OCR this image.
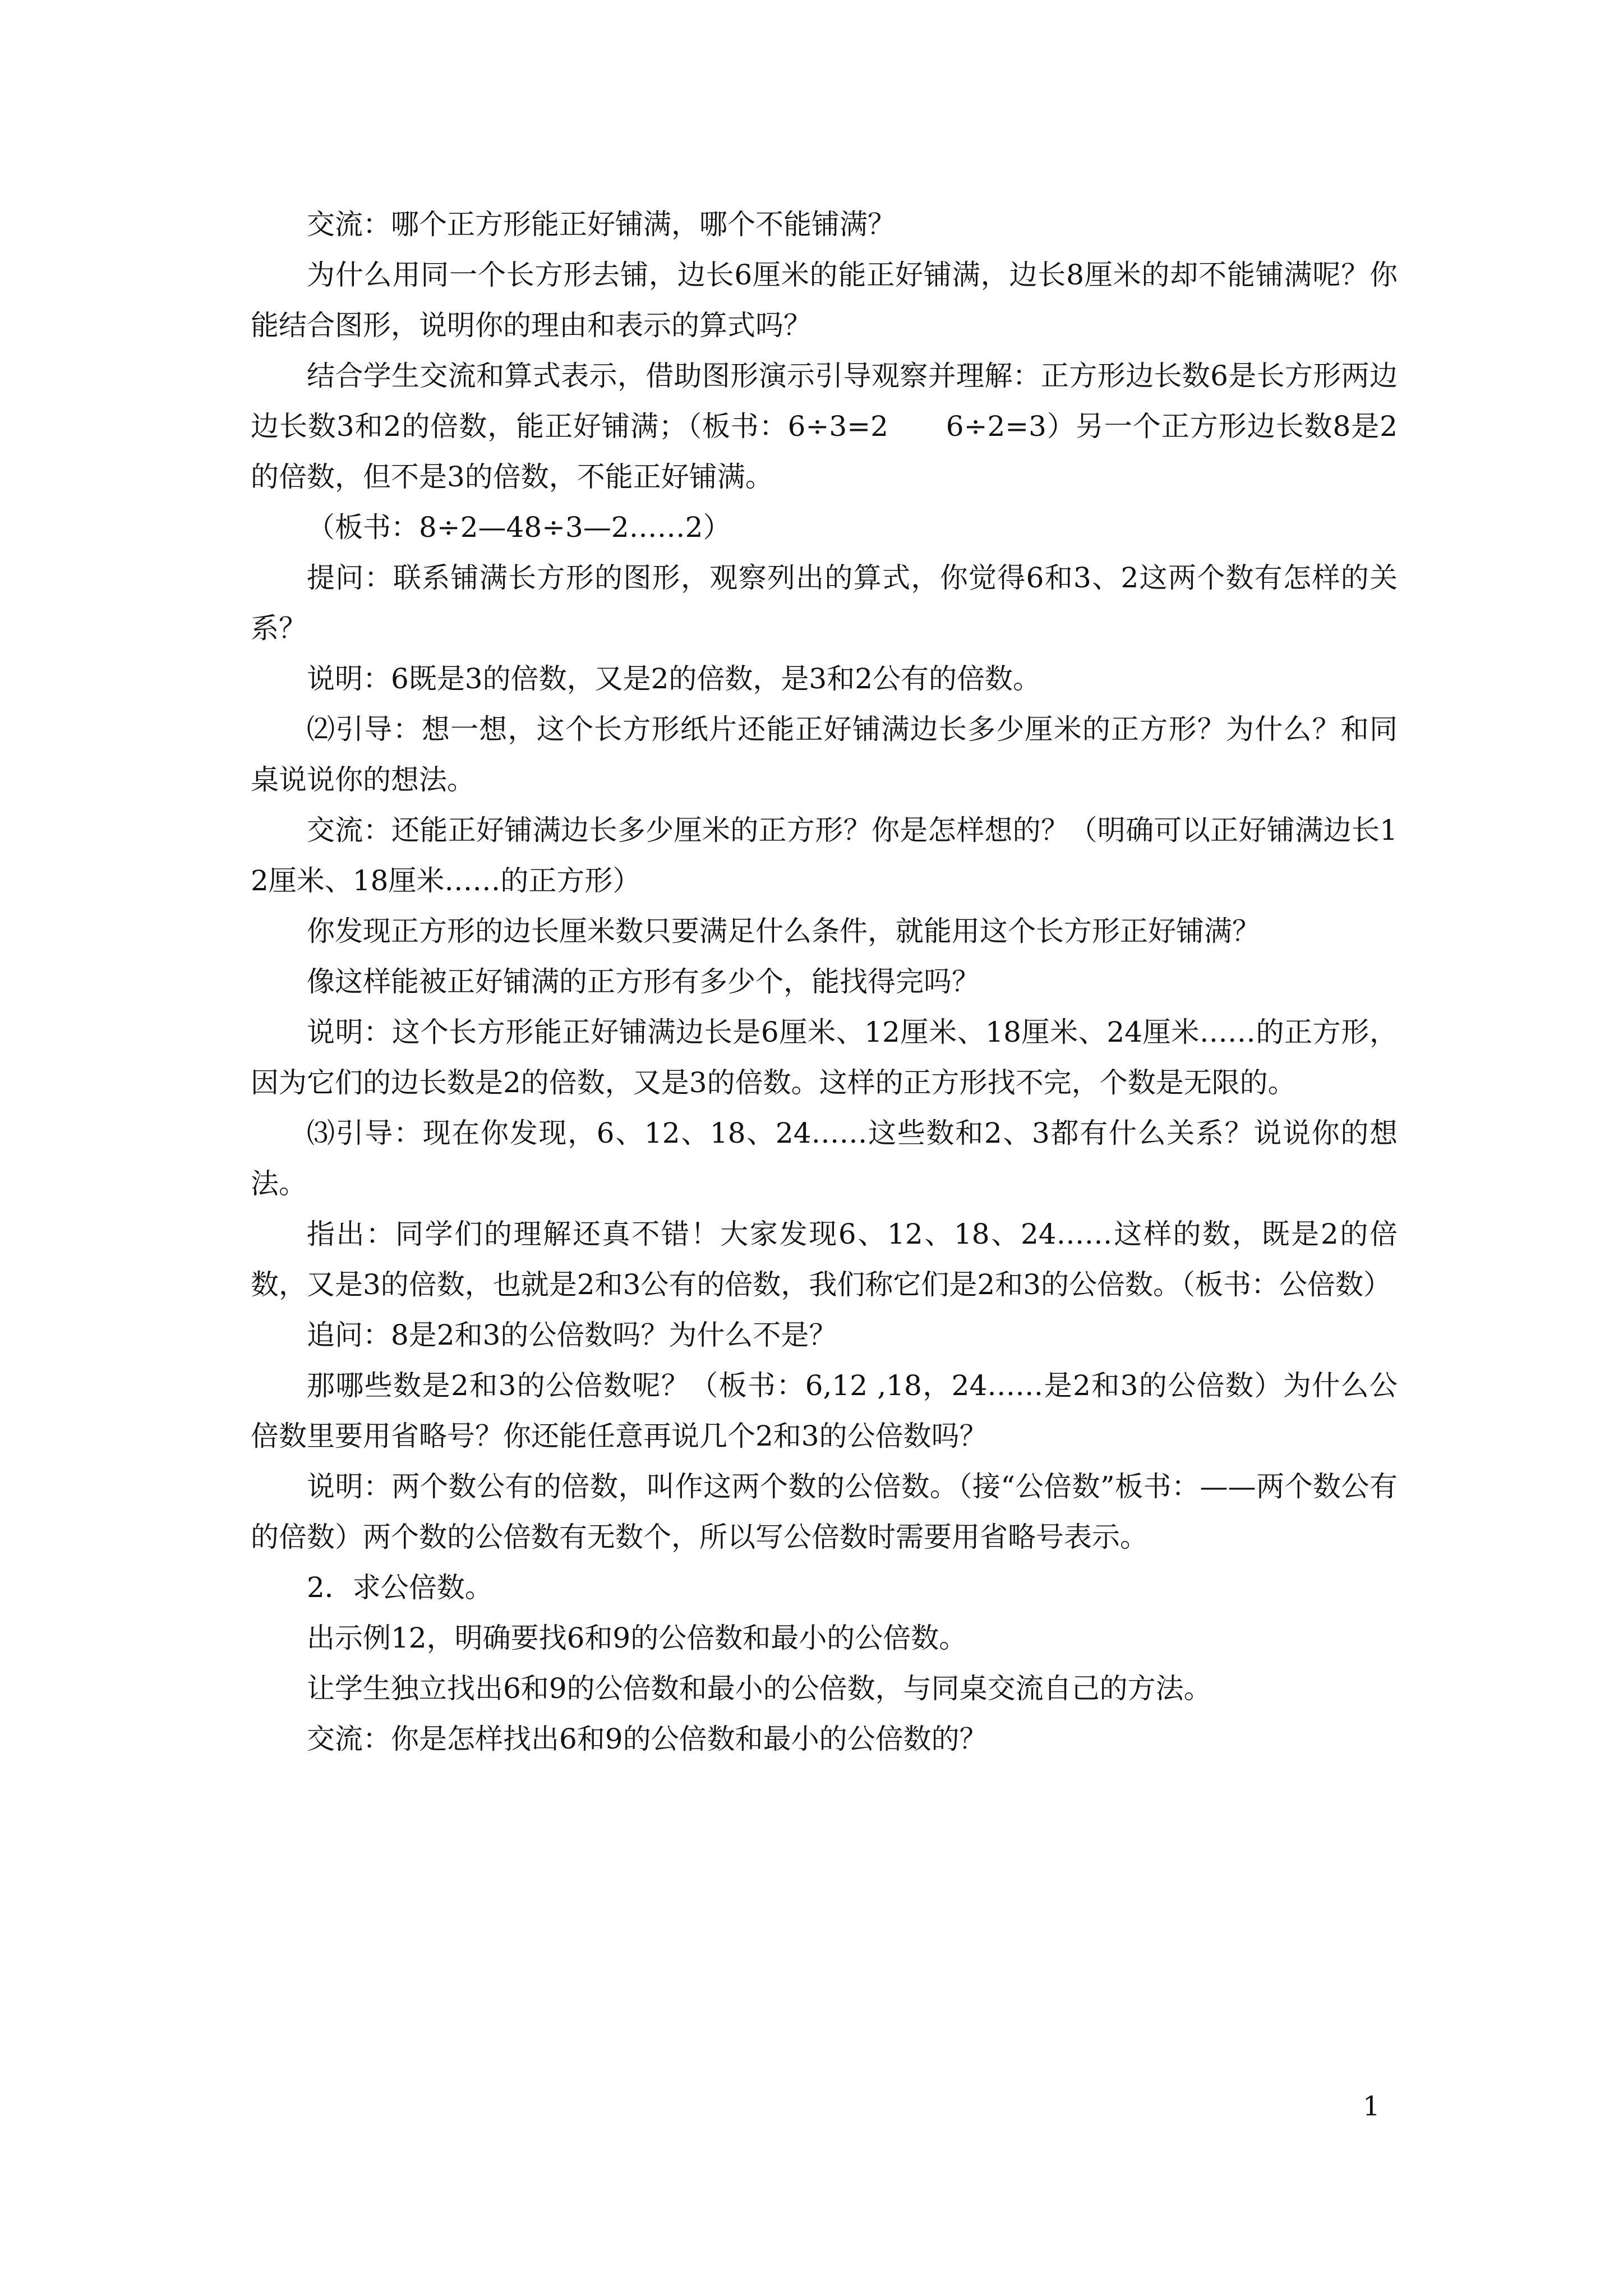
交流：哪个正方形能正好铺满，哪个不能铺满？

为什么用同一个长方形去铺，边长6厘米的能正好铺满，边长8厘米的却不能铺满呢？你能结合图形，说明你的理由和表示的算式吗？

结合学生交流和算式表示，借助图形演示引导观察并理解：正方形边长数6是长方形两边边长数3和2的倍数，能正好铺满；（板书：6÷3=2　　6÷2=3）另一个正方形边长数8是2的倍数，但不是3的倍数，不能正好铺满。

（板书：8÷2—48÷3—2……2）

提问：联系铺满长方形的图形，观察列出的算式，你觉得6和3、2这两个数有怎样的关系？

说明：6既是3的倍数，又是2的倍数，是3和2公有的倍数。

⑵引导：想一想，这个长方形纸片还能正好铺满边长多少厘米的正方形？为什么？和同桌说说你的想法。

交流：还能正好铺满边长多少厘米的正方形？你是怎样想的？（明确可以正好铺满边长12厘米、18厘米……的正方形）

你发现正方形的边长厘米数只要满足什么条件，就能用这个长方形正好铺满？

像这样能被正好铺满的正方形有多少个，能找得完吗？

说明：这个长方形能正好铺满边长是6厘米、12厘米、18厘米、24厘米……的正方形，因为它们的边长数是2的倍数，又是3的倍数。这样的正方形找不完，个数是无限的。

⑶引导：现在你发现，6、12、18、24……这些数和2、3都有什么关系？说说你的想法。

指出：同学们的理解还真不错！大家发现6、12、18、24……这样的数，既是2的倍数，又是3的倍数，也就是2和3公有的倍数，我们称它们是2和3的公倍数。（板书：公倍数）

追问：8是2和3的公倍数吗？为什么不是？

那哪些数是2和3的公倍数呢？（板书：6,12 ,18，24……是2和3的公倍数）为什么公倍数里要用省略号？你还能任意再说几个2和3的公倍数吗？

说明：两个数公有的倍数，叫作这两个数的公倍数。（接“公倍数”板书：——两个数公有的倍数）两个数的公倍数有无数个，所以写公倍数时需要用省略号表示。

2．求公倍数。

出示例12，明确要找6和9的公倍数和最小的公倍数。

让学生独立找出6和9的公倍数和最小的公倍数，与同桌交流自己的方法。

交流：你是怎样找出6和9的公倍数和最小的公倍数的？

1
